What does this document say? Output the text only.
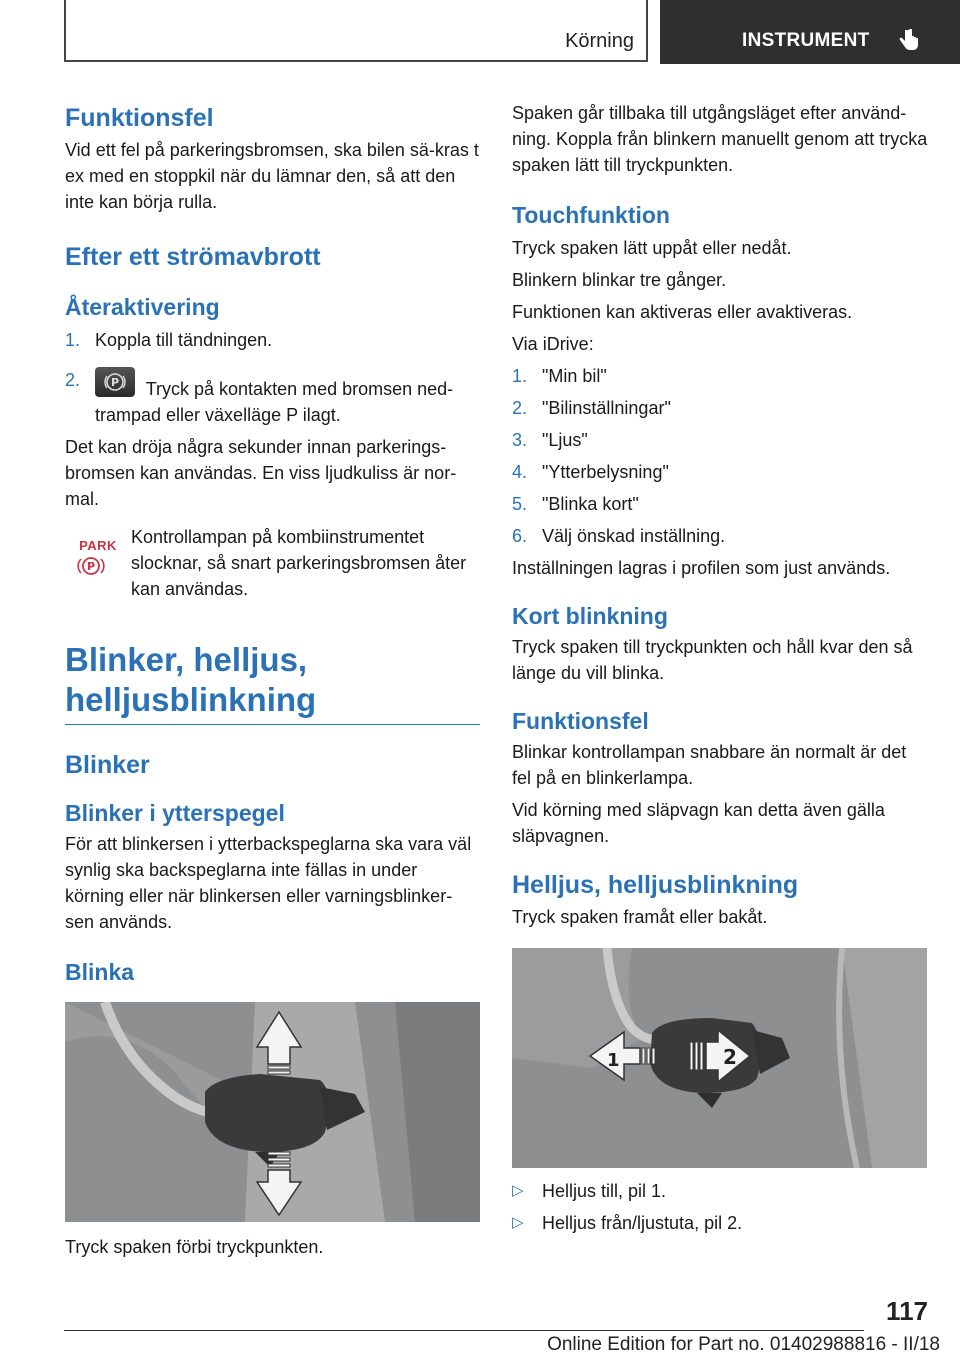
Körning	INSTRUMENT
Funktionsfel

Vid ett fel på parkeringsbromsen, ska bilen sä-kras t ex med en stoppkil när du lämnar den, så att den inte kan börja rulla.

Efter ett strömavbrott
Återaktivering
1. Koppla till tändningen.
2.	P Tryck på kontakten med bromsen ned-trampad eller växelläge P ilagt.

Det kan dröja några sekunder innan parkerings-bromsen kan användas. En viss ljudkuliss är nor-mal.

PARK
P

Kontrollampan på kombiinstrumentet slocknar, så snart parkeringsbromsen åter kan användas.

Blinker, helljus, helljusblinkning
Blinker
Blinker i ytterspegel

För att blinkersen i ytterbackspeglarna ska vara väl synlig ska backspeglarna inte fällas in under körning eller när blinkersen eller varningsblinker-sen används.

Blinka

Tryck spaken förbi tryckpunkten.

Spaken går tillbaka till utgångsläget efter använd-ning. Koppla från blinkern manuellt genom att trycka spaken lätt till tryckpunkten.

Touchfunktion

Tryck spaken lätt uppåt eller nedåt.

Blinkern blinkar tre gånger.

Funktionen kan aktiveras eller avaktiveras.

Via iDrive:

1. "Min bil"
2. "Bilinställningar"
3. "Ljus"
4. "Ytterbelysning"
5. "Blinka kort"
6. Välj önskad inställning.

Inställningen lagras i profilen som just används.

Kort blinkning

Tryck spaken till tryckpunkten och håll kvar den så länge du vill blinka.

Funktionsfel

Blinkar kontrollampan snabbare än normalt är det fel på en blinkerlampa.

Vid körning med släpvagn kan detta även gälla släpvagnen.

Helljus, helljusblinkning

Tryck spaken framåt eller bakåt.

1	2
▷ Helljus till, pil 1.
▷ Helljus från/ljustuta, pil 2.
117
Online Edition for Part no. 01402988816 - II/18
